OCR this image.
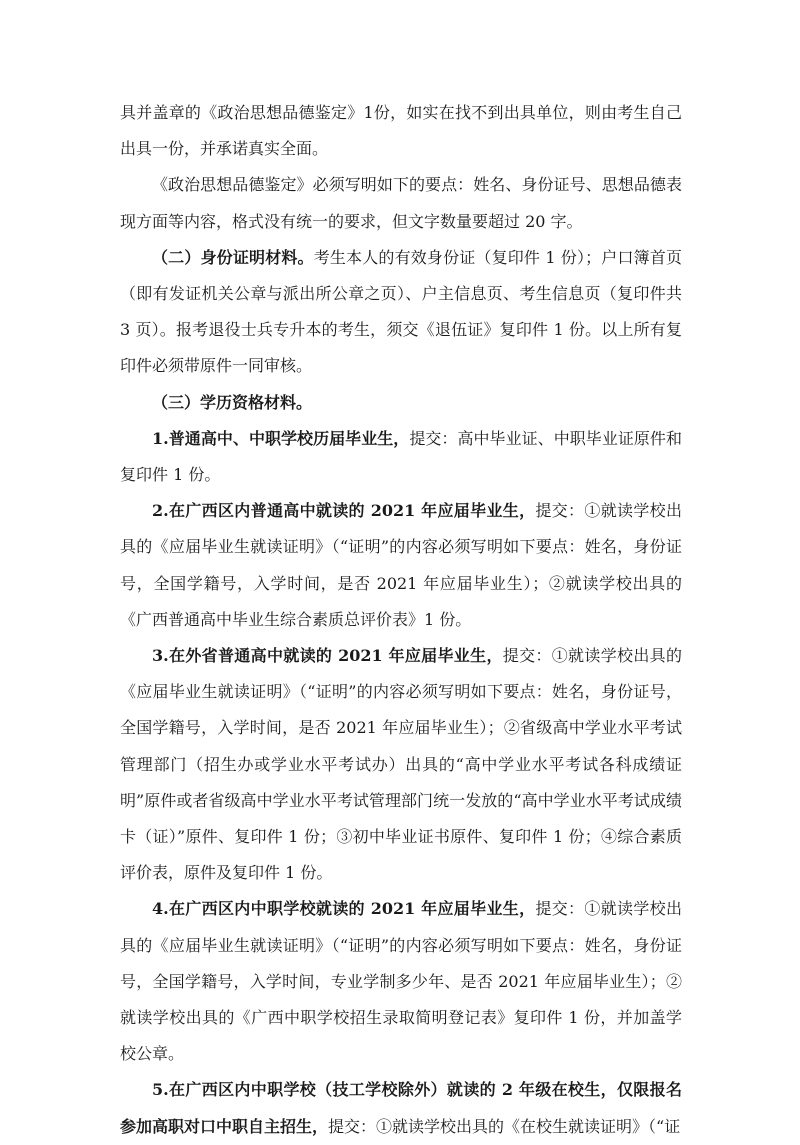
具并盖章的《政治思想品德鉴定》1份，如实在找不到出具单位，则由考生自己出具一份，并承诺真实全面。

《政治思想品德鉴定》必须写明如下的要点：姓名、身份证号、思想品德表现方面等内容，格式没有统一的要求，但文字数量要超过 20 字。

（二）身份证明材料。考生本人的有效身份证（复印件 1 份）；户口簿首页（即有发证机关公章与派出所公章之页）、户主信息页、考生信息页（复印件共 3 页）。报考退役士兵专升本的考生，须交《退伍证》复印件 1 份。以上所有复印件必须带原件一同审核。

（三）学历资格材料。

1.普通高中、中职学校历届毕业生，提交：高中毕业证、中职毕业证原件和复印件 1 份。

2.在广西区内普通高中就读的 2021 年应届毕业生，提交：①就读学校出具的《应届毕业生就读证明》（“证明”的内容必须写明如下要点：姓名，身份证号，全国学籍号，入学时间，是否 2021 年应届毕业生）；②就读学校出具的《广西普通高中毕业生综合素质总评价表》1 份。

3.在外省普通高中就读的 2021 年应届毕业生，提交：①就读学校出具的《应届毕业生就读证明》（“证明”的内容必须写明如下要点：姓名，身份证号，全国学籍号，入学时间，是否 2021 年应届毕业生）；②省级高中学业水平考试管理部门（招生办或学业水平考试办）出具的“高中学业水平考试各科成绩证明”原件或者省级高中学业水平考试管理部门统一发放的“高中学业水平考试成绩卡（证）”原件、复印件 1 份；③初中毕业证书原件、复印件 1 份；④综合素质评价表，原件及复印件 1 份。

4.在广西区内中职学校就读的 2021 年应届毕业生，提交：①就读学校出具的《应届毕业生就读证明》（“证明”的内容必须写明如下要点：姓名，身份证号，全国学籍号，入学时间，专业学制多少年、是否 2021 年应届毕业生）；②就读学校出具的《广西中职学校招生录取简明登记表》复印件 1 份，并加盖学校公章。

5.在广西区内中职学校（技工学校除外）就读的 2 年级在校生，仅限报名参加高职对口中职自主招生，提交：①就读学校出具的《在校生就读证明》（“证
